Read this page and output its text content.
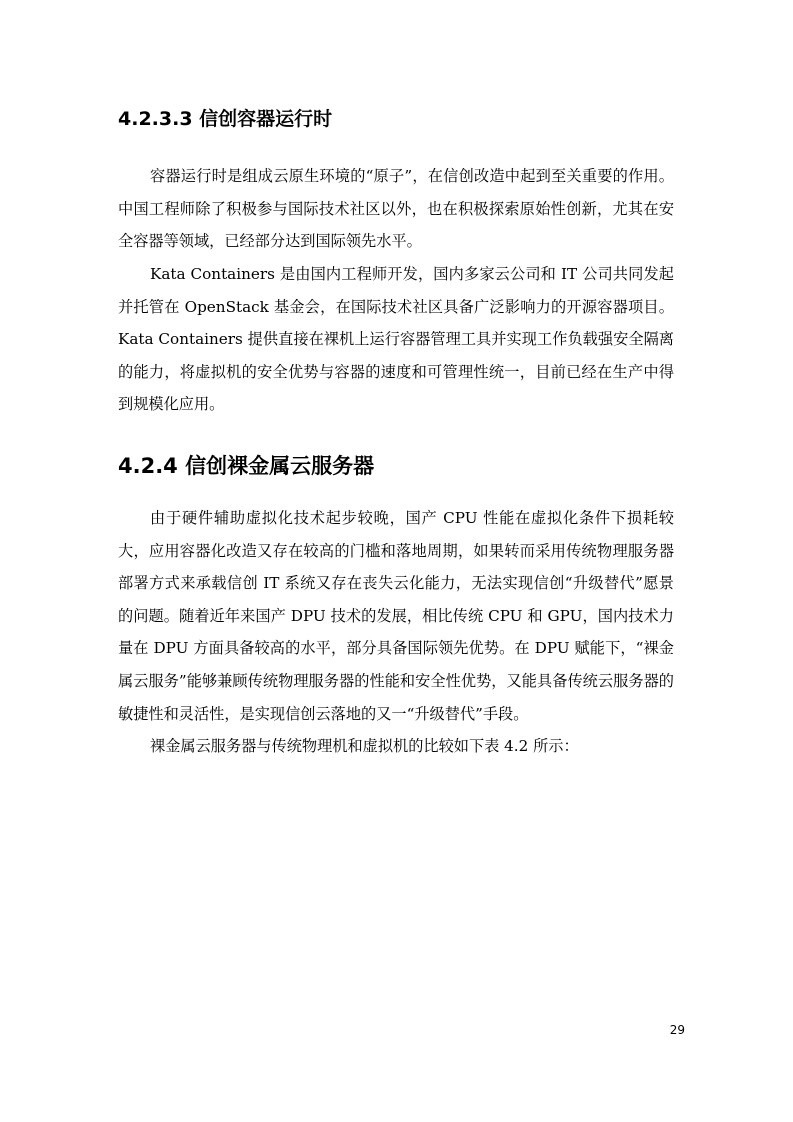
4.2.3.3 信创容器运行时

容器运行时是组成云原生环境的“原子”，在信创改造中起到至关重要的作用。中国工程师除了积极参与国际技术社区以外，也在积极探索原始性创新，尤其在安全容器等领域，已经部分达到国际领先水平。

Kata Containers 是由国内工程师开发，国内多家云公司和 IT 公司共同发起并托管在 OpenStack 基金会，在国际技术社区具备广泛影响力的开源容器项目。Kata Containers 提供直接在裸机上运行容器管理工具并实现工作负载强安全隔离的能力，将虚拟机的安全优势与容器的速度和可管理性统一，目前已经在生产中得到规模化应用。

4.2.4 信创裸金属云服务器

由于硬件辅助虚拟化技术起步较晚，国产 CPU 性能在虚拟化条件下损耗较大，应用容器化改造又存在较高的门槛和落地周期，如果转而采用传统物理服务器部署方式来承载信创 IT 系统又存在丧失云化能力，无法实现信创“升级替代”愿景的问题。随着近年来国产 DPU 技术的发展，相比传统 CPU 和 GPU，国内技术力量在 DPU 方面具备较高的水平，部分具备国际领先优势。在 DPU 赋能下，“裸金属云服务”能够兼顾传统物理服务器的性能和安全性优势，又能具备传统云服务器的敏捷性和灵活性，是实现信创云落地的又一“升级替代”手段。

裸金属云服务器与传统物理机和虚拟机的比较如下表 4.2 所示：

29
